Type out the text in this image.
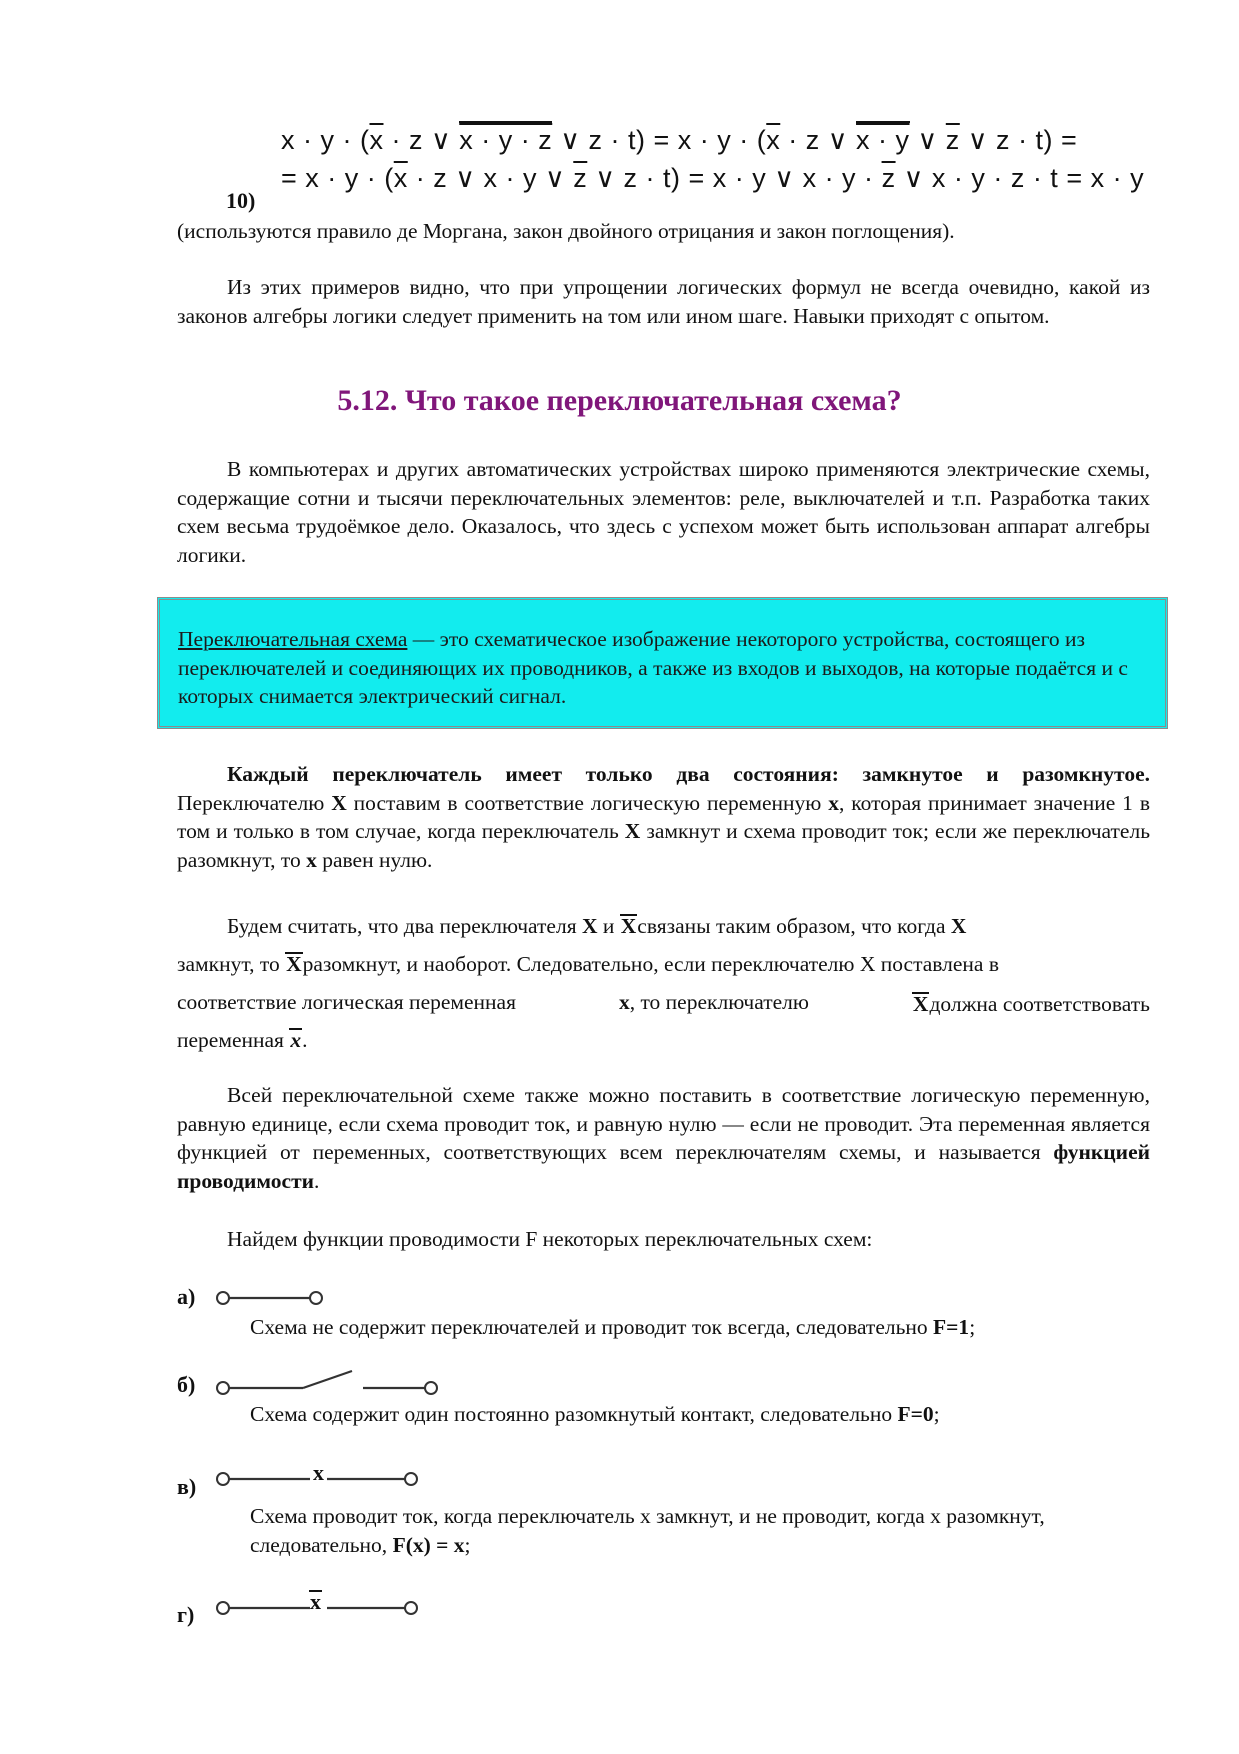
$x \cdot y \cdot (\overline{x} \cdot z$ ∨ x · y · z ∨ $z \cdot t) = x \cdot y \cdot (\overline{x} \cdot z$ ∨ x · y ∨ $\overline{z}$ ∨ z · t) =
= $x \cdot y \cdot (\overline{x} \cdot z$ ∨ x · y ∨ $\overline{z}$ ∨ z · t) = x · y ∨ $x \cdot y \cdot \overline{z}$ ∨ x · y · z · t = x · y
10)
(используются правило де Моргана, закон двойного отрицания и закон поглощения).
Из этих примеров видно, что при упрощении логических формул не всегда очевидно, какой из законов алгебры логики следует применить на том или ином шаге. Навыки приходят с опытом.
5.12. Что такое переключательная схема?
В компьютерах и других автоматических устройствах широко применяются электрические схемы, содержащие сотни и тысячи переключательных элементов: реле, выключателей и т.п. Разработка таких схем весьма трудоёмкое дело. Оказалось, что здесь с успехом может быть использован аппарат алгебры логики.
Переключательная схема — это схематическое изображение некоторого устройства, состоящего из переключателей и соединяющих их проводников, а также из входов и выходов, на которые подаётся и с которых снимается электрический сигнал.
Каждый переключатель имеет только два состояния: замкнутое и разомкнутое. Переключателю X поставим в соответствие логическую переменную x, которая принимает значение 1 в том и только в том случае, когда переключатель X замкнут и схема проводит ток; если же переключатель разомкнут, то x равен нулю.
Будем считать, что два переключателя X и Xсвязаны таким образом, что когда X
замкнут, то Xразомкнут, и наоборот. Следовательно, если переключателю X поставлена в
соответствие логическая переменная	x, то переключателю	Xдолжна соответствовать
переменная x.
Всей переключательной схеме также можно поставить в соответствие логическую переменную, равную единице, если схема проводит ток, и равную нулю — если не проводит. Эта переменная является функцией от переменных, соответствующих всем переключателям схемы, и называется функцией проводимости.
Найдем функции проводимости F некоторых переключательных схем:
а)
Схема не содержит переключателей и проводит ток всегда, следовательно F=1;
б)
Схема содержит один постоянно разомкнутый контакт, следовательно F=0;
в)
x
Схема проводит ток, когда переключатель x замкнут, и не проводит, когда x разомкнут, следовательно, F(x) = x;
г)
x
